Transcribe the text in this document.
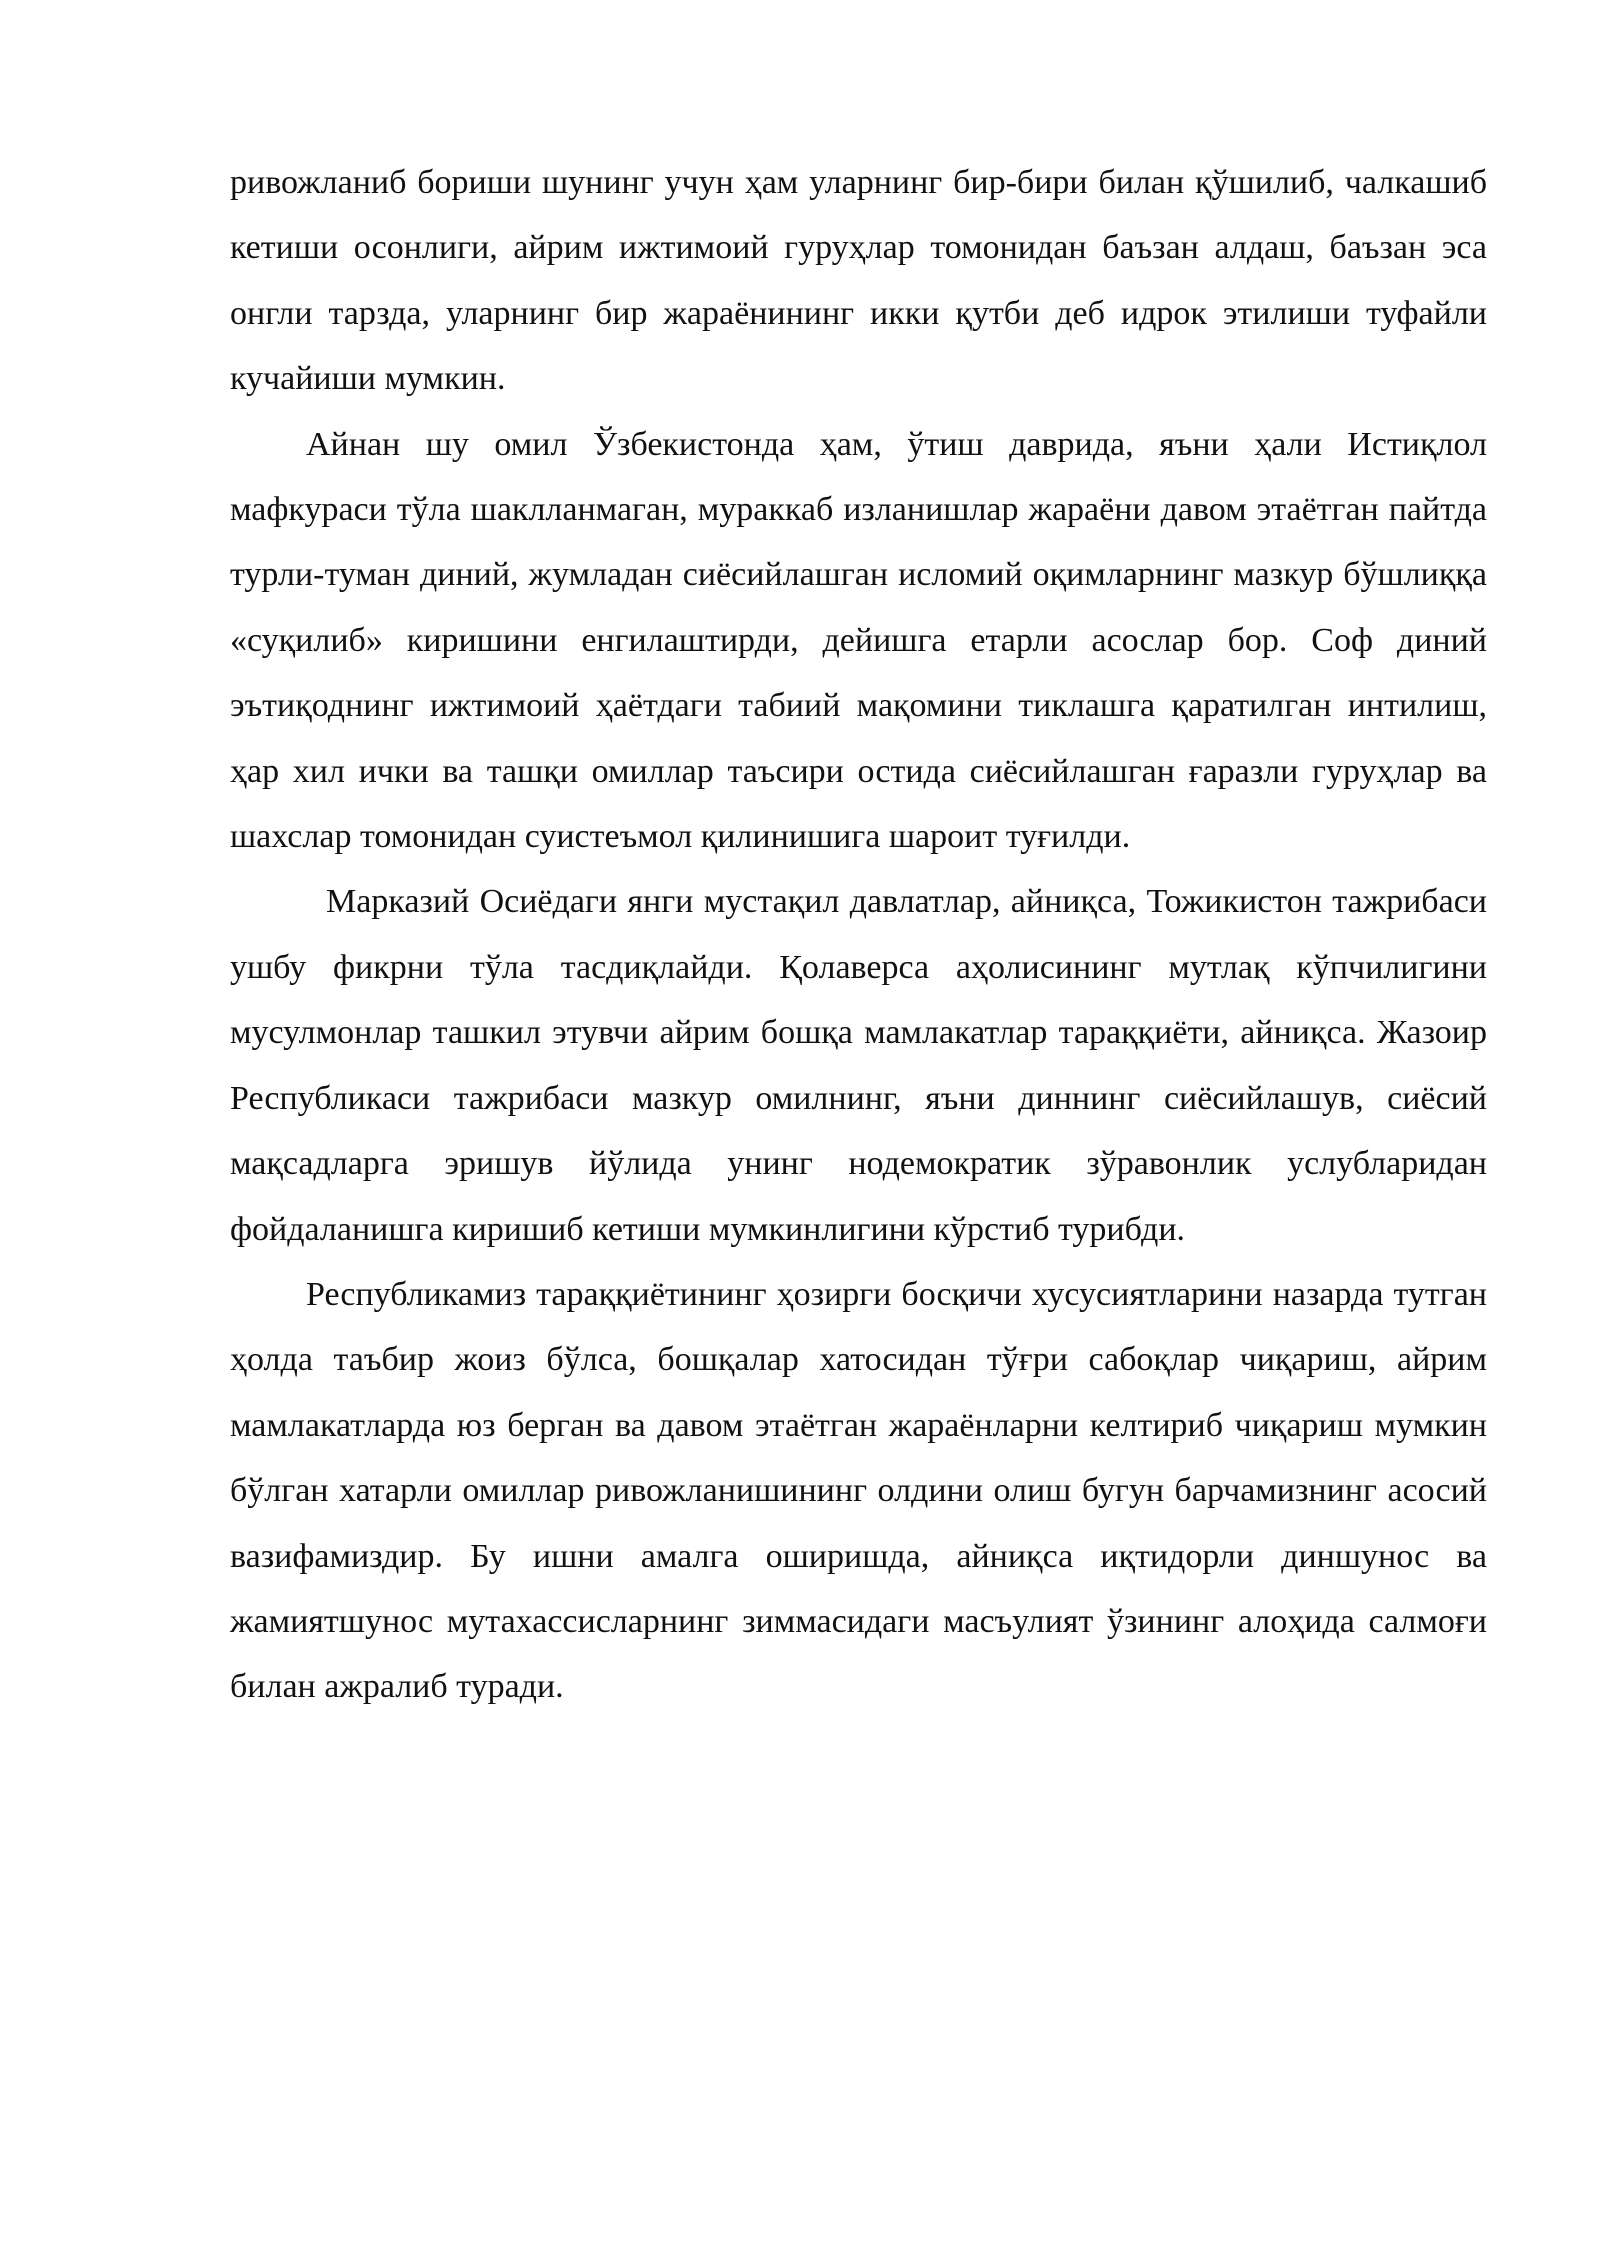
ривожланиб бориши шунинг учун ҳам уларнинг бир-бири билан қўшилиб, чалкашиб кетиши осонлиги, айрим ижтимоий гуруҳлар томонидан баъзан алдаш, баъзан эса онгли тарзда, уларнинг бир жараёнининг икки қутби деб идрок этилиши туфайли кучайиши мумкин.

Айнан шу омил Ўзбекистонда ҳам, ўтиш даврида, яъни ҳали Истиқлол мафкураси тўла шаклланмаган, мураккаб изланишлар жараёни давом этаётган пайтда турли-туман диний, жумладан сиёсийлашган исломий оқимларнинг мазкур бўшлиққа «суқилиб» киришини енгилаштирди, дейишга етарли асослар бор. Соф диний эътиқоднинг ижтимоий ҳаётдаги табиий мақомини тиклашга қаратилган интилиш, ҳар хил ички ва ташқи омиллар таъсири остида сиёсийлашган ғаразли гуруҳлар ва шахслар томонидан суистеъмол қилинишига шароит туғилди.

Марказий Осиёдаги янги мустақил давлатлар, айниқса, Тожикистон тажрибаси ушбу фикрни тўла тасдиқлайди. Қолаверса аҳолисининг мутлақ кўпчилигини мусулмонлар ташкил этувчи айрим бошқа мамлакатлар тараққиёти, айниқса. Жазоир Республикаси тажрибаси мазкур омилнинг, яъни диннинг сиёсийлашув, сиёсий мақсадларга эришув йўлида унинг нодемократик зўравонлик услубларидан фойдаланишга киришиб кетиши мумкинлигини кўрстиб турибди.

Республикамиз тараққиётининг ҳозирги босқичи хусусиятларини назарда тутган ҳолда таъбир жоиз бўлса, бошқалар хатосидан тўғри сабоқлар чиқариш, айрим мамлакатларда юз берган ва давом этаётган жараёнларни келтириб чиқариш мумкин бўлган хатарли омиллар ривожланишининг олдини олиш бугун барчамизнинг асосий вазифамиздир. Бу ишни амалга оширишда, айниқса иқтидорли диншунос ва жамиятшунос мутахассисларнинг зиммасидаги масъулият ўзининг алоҳида салмоғи билан ажралиб туради.
